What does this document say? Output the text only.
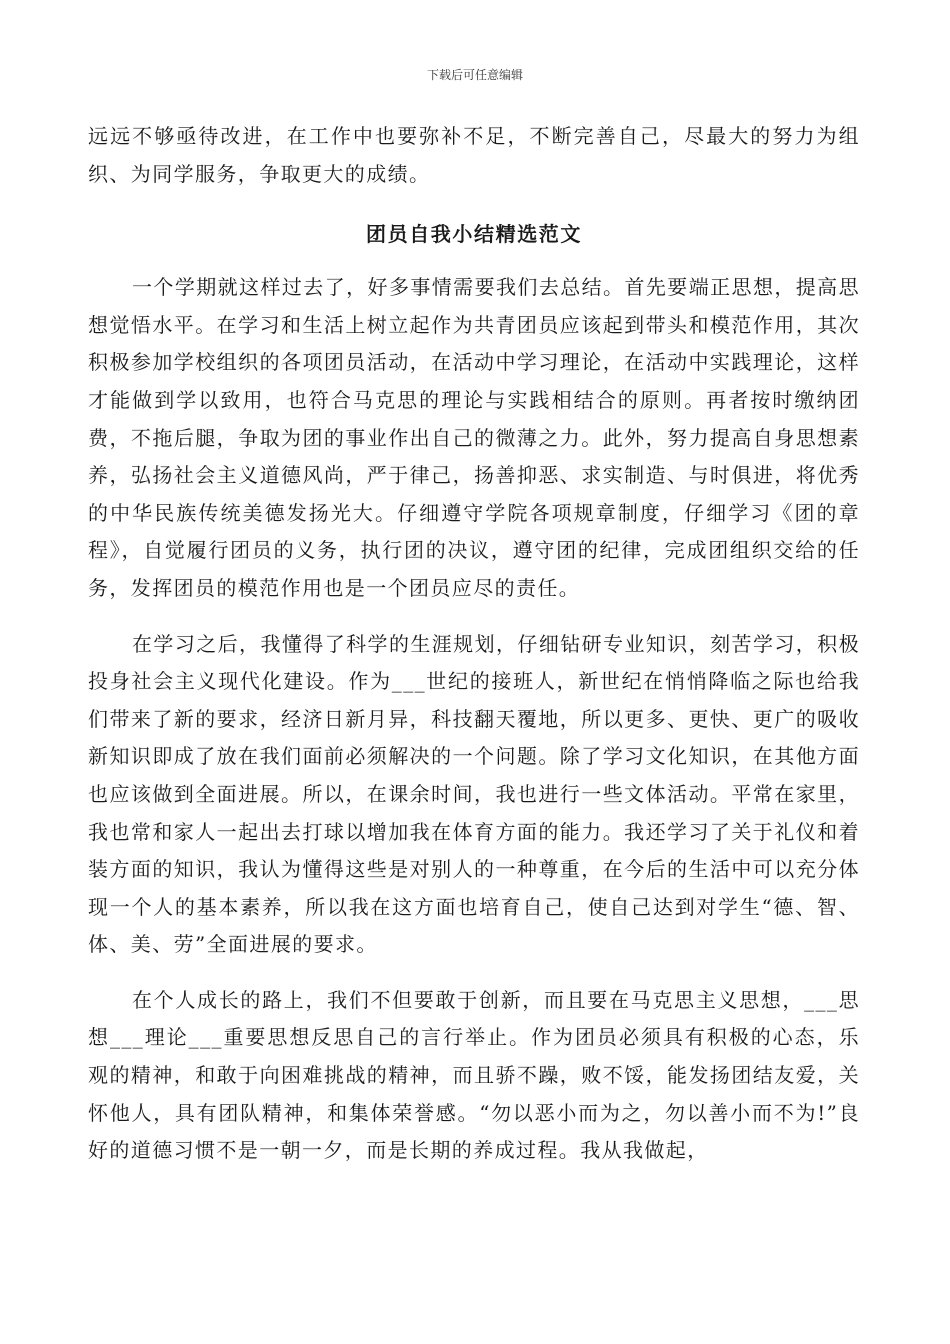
下载后可任意编辑

远远不够亟待改进，在工作中也要弥补不足，不断完善自己，尽最大的努力为组织、为同学服务，争取更大的成绩。

团员自我小结精选范文

一个学期就这样过去了，好多事情需要我们去总结。首先要端正思想，提高思想觉悟水平。在学习和生活上树立起作为共青团员应该起到带头和模范作用，其次积极参加学校组织的各项团员活动，在活动中学习理论，在活动中实践理论，这样才能做到学以致用，也符合马克思的理论与实践相结合的原则。再者按时缴纳团费，不拖后腿，争取为团的事业作出自己的微薄之力。此外，努力提高自身思想素养，弘扬社会主义道德风尚，严于律己，扬善抑恶、求实制造、与时俱进，将优秀的中华民族传统美德发扬光大。仔细遵守学院各项规章制度，仔细学习《团的章程》，自觉履行团员的义务，执行团的决议，遵守团的纪律，完成团组织交给的任务，发挥团员的模范作用也是一个团员应尽的责任。

在学习之后，我懂得了科学的生涯规划，仔细钻研专业知识，刻苦学习，积极投身社会主义现代化建设。作为___世纪的接班人，新世纪在悄悄降临之际也给我们带来了新的要求，经济日新月异，科技翻天覆地，所以更多、更快、更广的吸收新知识即成了放在我们面前必须解决的一个问题。除了学习文化知识，在其他方面也应该做到全面进展。所以，在课余时间，我也进行一些文体活动。平常在家里，我也常和家人一起出去打球以增加我在体育方面的能力。我还学习了关于礼仪和着装方面的知识，我认为懂得这些是对别人的一种尊重，在今后的生活中可以充分体现一个人的基本素养，所以我在这方面也培育自己，使自己达到对学生“德、智、体、美、劳”全面进展的要求。

在个人成长的路上，我们不但要敢于创新，而且要在马克思主义思想，___思想___理论___重要思想反思自己的言行举止。作为团员必须具有积极的心态，乐观的精神，和敢于向困难挑战的精神，而且骄不躁，败不馁，能发扬团结友爱，关怀他人，具有团队精神，和集体荣誉感。“勿以恶小而为之，勿以善小而不为!”良好的道德习惯不是一朝一夕，而是长期的养成过程。我从我做起，
